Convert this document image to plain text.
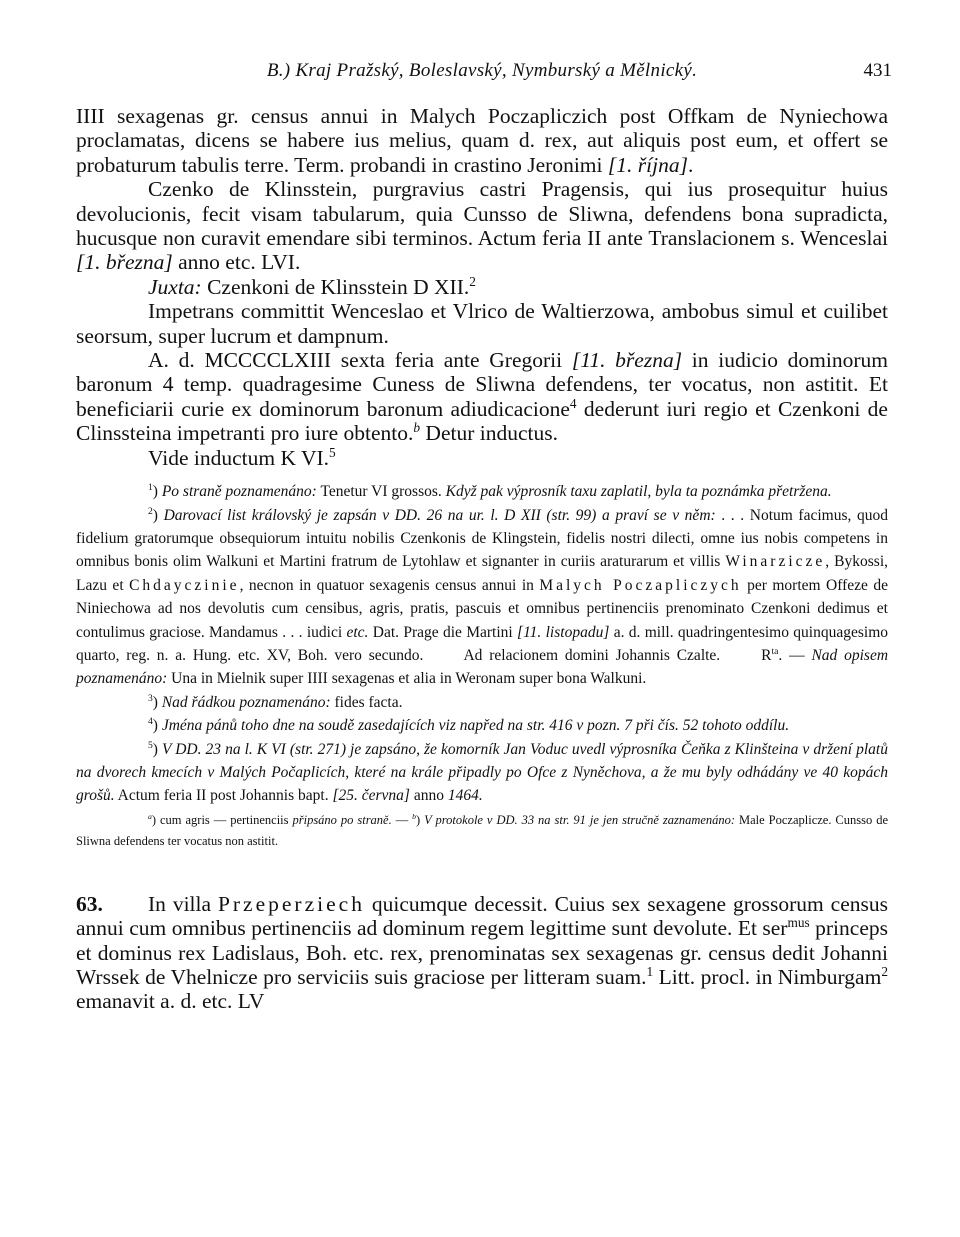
B.) Kraj Pražský, Boleslavský, Nymburský a Mělnický.	431

IIII sexagenas gr. census annui in Malych Poczapliczich post Offkam de Nyniechowa proclamatas, dicens se habere ius melius, quam d. rex, aut aliquis post eum, et offert se probaturum tabulis terre. Term. probandi in crastino Jeronimi [1. října].

Czenko de Klinsstein, purgravius castri Pragensis, qui ius prosequitur huius devolucionis, fecit visam tabularum, quia Cunsso de Sliwna, defendens bona supradicta, hucusque non curavit emendare sibi terminos. Actum feria II ante Translacionem s. Wenceslai [1. března] anno etc. LVI.

Juxta: Czenkoni de Klinsstein D XII.$^2$

Impetrans committit Wenceslao et Vlrico de Waltierzowa, ambobus simul et cuilibet seorsum, super lucrum et dampnum.

A. d. MCCCCLXIII sexta feria ante Gregorii [11. března] in iudicio dominorum baronum 4 temp. quadragesime Cuness de Sliwna defendens, ter vocatus, non astitit. Et beneficiarii curie ex dominorum baronum adiudicacione$^4$ dederunt iuri regio et Czenkoni de Clinssteina impetranti pro iure obtento.$^b$ Detur inductus.

Vide inductum K VI.$^5$

$^1$) Po straně poznamenáno: Tenetur VI grossos. Když pak výprosník taxu zaplatil, byla ta poznámka přetržena.

$^2$) Darovací list královský je zapsán v DD. 26 na ur. l. D XII (str. 99) a praví se v něm: . . . Notum facimus, quod fidelium gratorumque obsequiorum intuitu nobilis Czenkonis de Klingstein, fidelis nostri dilecti, omne ius nobis competens in omnibus bonis olim Walkuni et Martini fratrum de Lytohlaw et signanter in curiis araturarum et villis Winarzicze, Bykossi, Lazu et Chdayczinie, necnon in quatuor sexagenis census annui in Malych Poczapliczych per mortem Offeze de Niniechowa ad nos devolutis cum censibus, agris, pratis, pascuis et omnibus pertinenciis prenominato Czenkoni dedimus et contulimus graciose. Mandamus . . . iudici etc. Dat. Prage die Martini [11. listopadu] a. d. mill. quadringentesimo quinquagesimo quarto, reg. n. a. Hung. etc. XV, Boh. vero secundo.      Ad relacionem domini Johannis Czalte.      $R^{ta}$. — Nad opisem poznamenáno: Una in Mielnik super IIII sexagenas et alia in Weronam super bona Walkuni.

$^3$) Nad řádkou poznamenáno: fides facta.

$^4$) Jména pánů toho dne na soudě zasedajících viz napřed na str. 416 v pozn. 7 při čís. 52 tohoto oddílu.

$^5$) V DD. 23 na l. K VI (str. 271) je zapsáno, že komorník Jan Voduc uvedl výprosníka Čeňka z Klinšteina v držení platů na dvorech kmecích v Malých Počaplicích, které na krále připadly po Ofce z Nyněchova, a že mu byly odhádány ve 40 kopách grošů. Actum feria II post Johannis bapt. [25. června] anno 1464.

$^a$) cum agris — pertinenciis připsáno po straně. — $^b$) V protokole v DD. 33 na str. 91 je jen stručně zaznamenáno: Male Poczaplicze. Cunsso de Sliwna defendens ter vocatus non astitit.

63. In villa Przeperziech quicumque decessit. Cuius sex sexagene grossorum census annui cum omnibus pertinenciis ad dominum regem legittime sunt devolute. Et ser$^{mus}$ princeps et dominus rex Ladislaus, Boh. etc. rex, prenominatas sex sexagenas gr. census dedit Johanni Wrssek de Vhelnicze pro serviciis suis graciose per litteram suam.$^1$ Litt. procl. in Nimburgam$^2$ emanavit a. d. etc. LV
